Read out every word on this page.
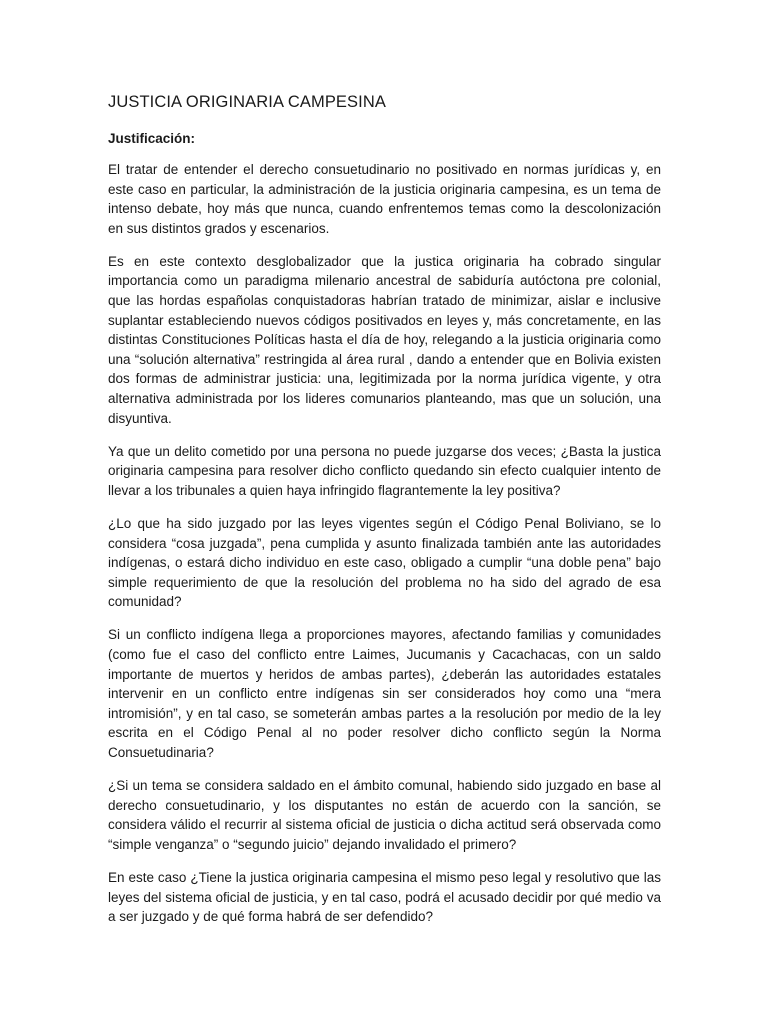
JUSTICIA ORIGINARIA CAMPESINA

Justificación:

El tratar de entender el derecho consuetudinario no positivado en normas jurídicas y, en este caso en particular, la administración de la justicia originaria campesina, es un tema de intenso debate, hoy más que nunca, cuando enfrentemos temas como la descolonización en sus distintos grados y escenarios.

Es en este contexto desglobalizador que la justica originaria ha cobrado singular importancia como un paradigma milenario ancestral de sabiduría autóctona pre colonial, que las hordas españolas conquistadoras habrían tratado de minimizar, aislar e inclusive suplantar estableciendo nuevos códigos positivados en leyes y, más concretamente, en las distintas Constituciones Políticas hasta el día de hoy, relegando a la justicia originaria como una “solución alternativa” restringida al área rural , dando a entender que en Bolivia existen dos formas de administrar justicia: una, legitimizada por la norma jurídica vigente, y otra alternativa administrada por los lideres comunarios planteando, mas que un solución, una disyuntiva.

Ya que un delito cometido por una persona no puede juzgarse dos veces; ¿Basta la justica originaria campesina para resolver dicho conflicto quedando sin efecto cualquier intento de llevar a los tribunales a quien haya infringido flagrantemente la ley positiva?

¿Lo que ha sido juzgado por las leyes vigentes según el Código Penal Boliviano, se lo considera “cosa juzgada”, pena cumplida y asunto finalizada también ante las autoridades indígenas, o estará dicho individuo en este caso, obligado a cumplir “una doble pena” bajo simple requerimiento de que la resolución del problema no ha sido del agrado de esa comunidad?

Si un conflicto indígena llega a proporciones mayores, afectando familias y comunidades (como fue el caso del conflicto entre Laimes, Jucumanis y Cacachacas, con un saldo importante de muertos y heridos de ambas partes), ¿deberán las autoridades estatales intervenir en un conflicto entre indígenas sin ser considerados hoy como una “mera intromisión”, y en tal caso, se someterán ambas partes a la resolución por medio de la ley escrita en el Código Penal al no poder resolver dicho conflicto según la Norma Consuetudinaria?

¿Si un tema se considera saldado en el ámbito comunal, habiendo sido juzgado en base al derecho consuetudinario, y los disputantes no están de acuerdo con la sanción, se considera válido el recurrir al sistema oficial de justicia o dicha actitud será observada como “simple venganza” o “segundo juicio” dejando invalidado el primero?

En este caso ¿Tiene la justica originaria campesina el mismo peso legal y resolutivo que las leyes del sistema oficial de justicia, y en tal caso, podrá el acusado decidir por qué medio va a ser juzgado y de qué forma habrá de ser defendido?
